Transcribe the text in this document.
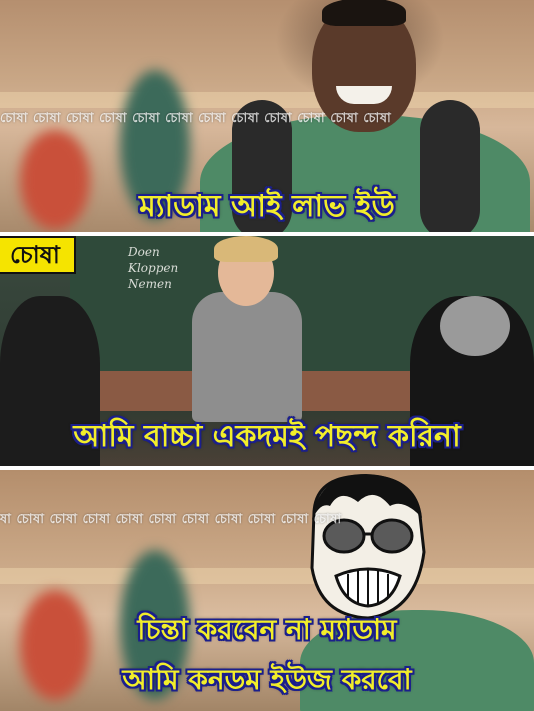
চোষা চোষা চোষা চোষা চোষা চোষা চোষা চোষা চোষা চোষা চোষা চোষা
ম্যাডাম আই লাভ ইউ
Doen
Kloppen
Nemen
চোষা
আমি বাচ্চা একদমই পছন্দ করিনা
ষা চোষা চোষা চোষা চোষা চোষা চোষা চোষা চোষা চোষা চোষা
চিন্তা করবেন না ম্যাডাম
আমি কনডম ইউজ করবো
